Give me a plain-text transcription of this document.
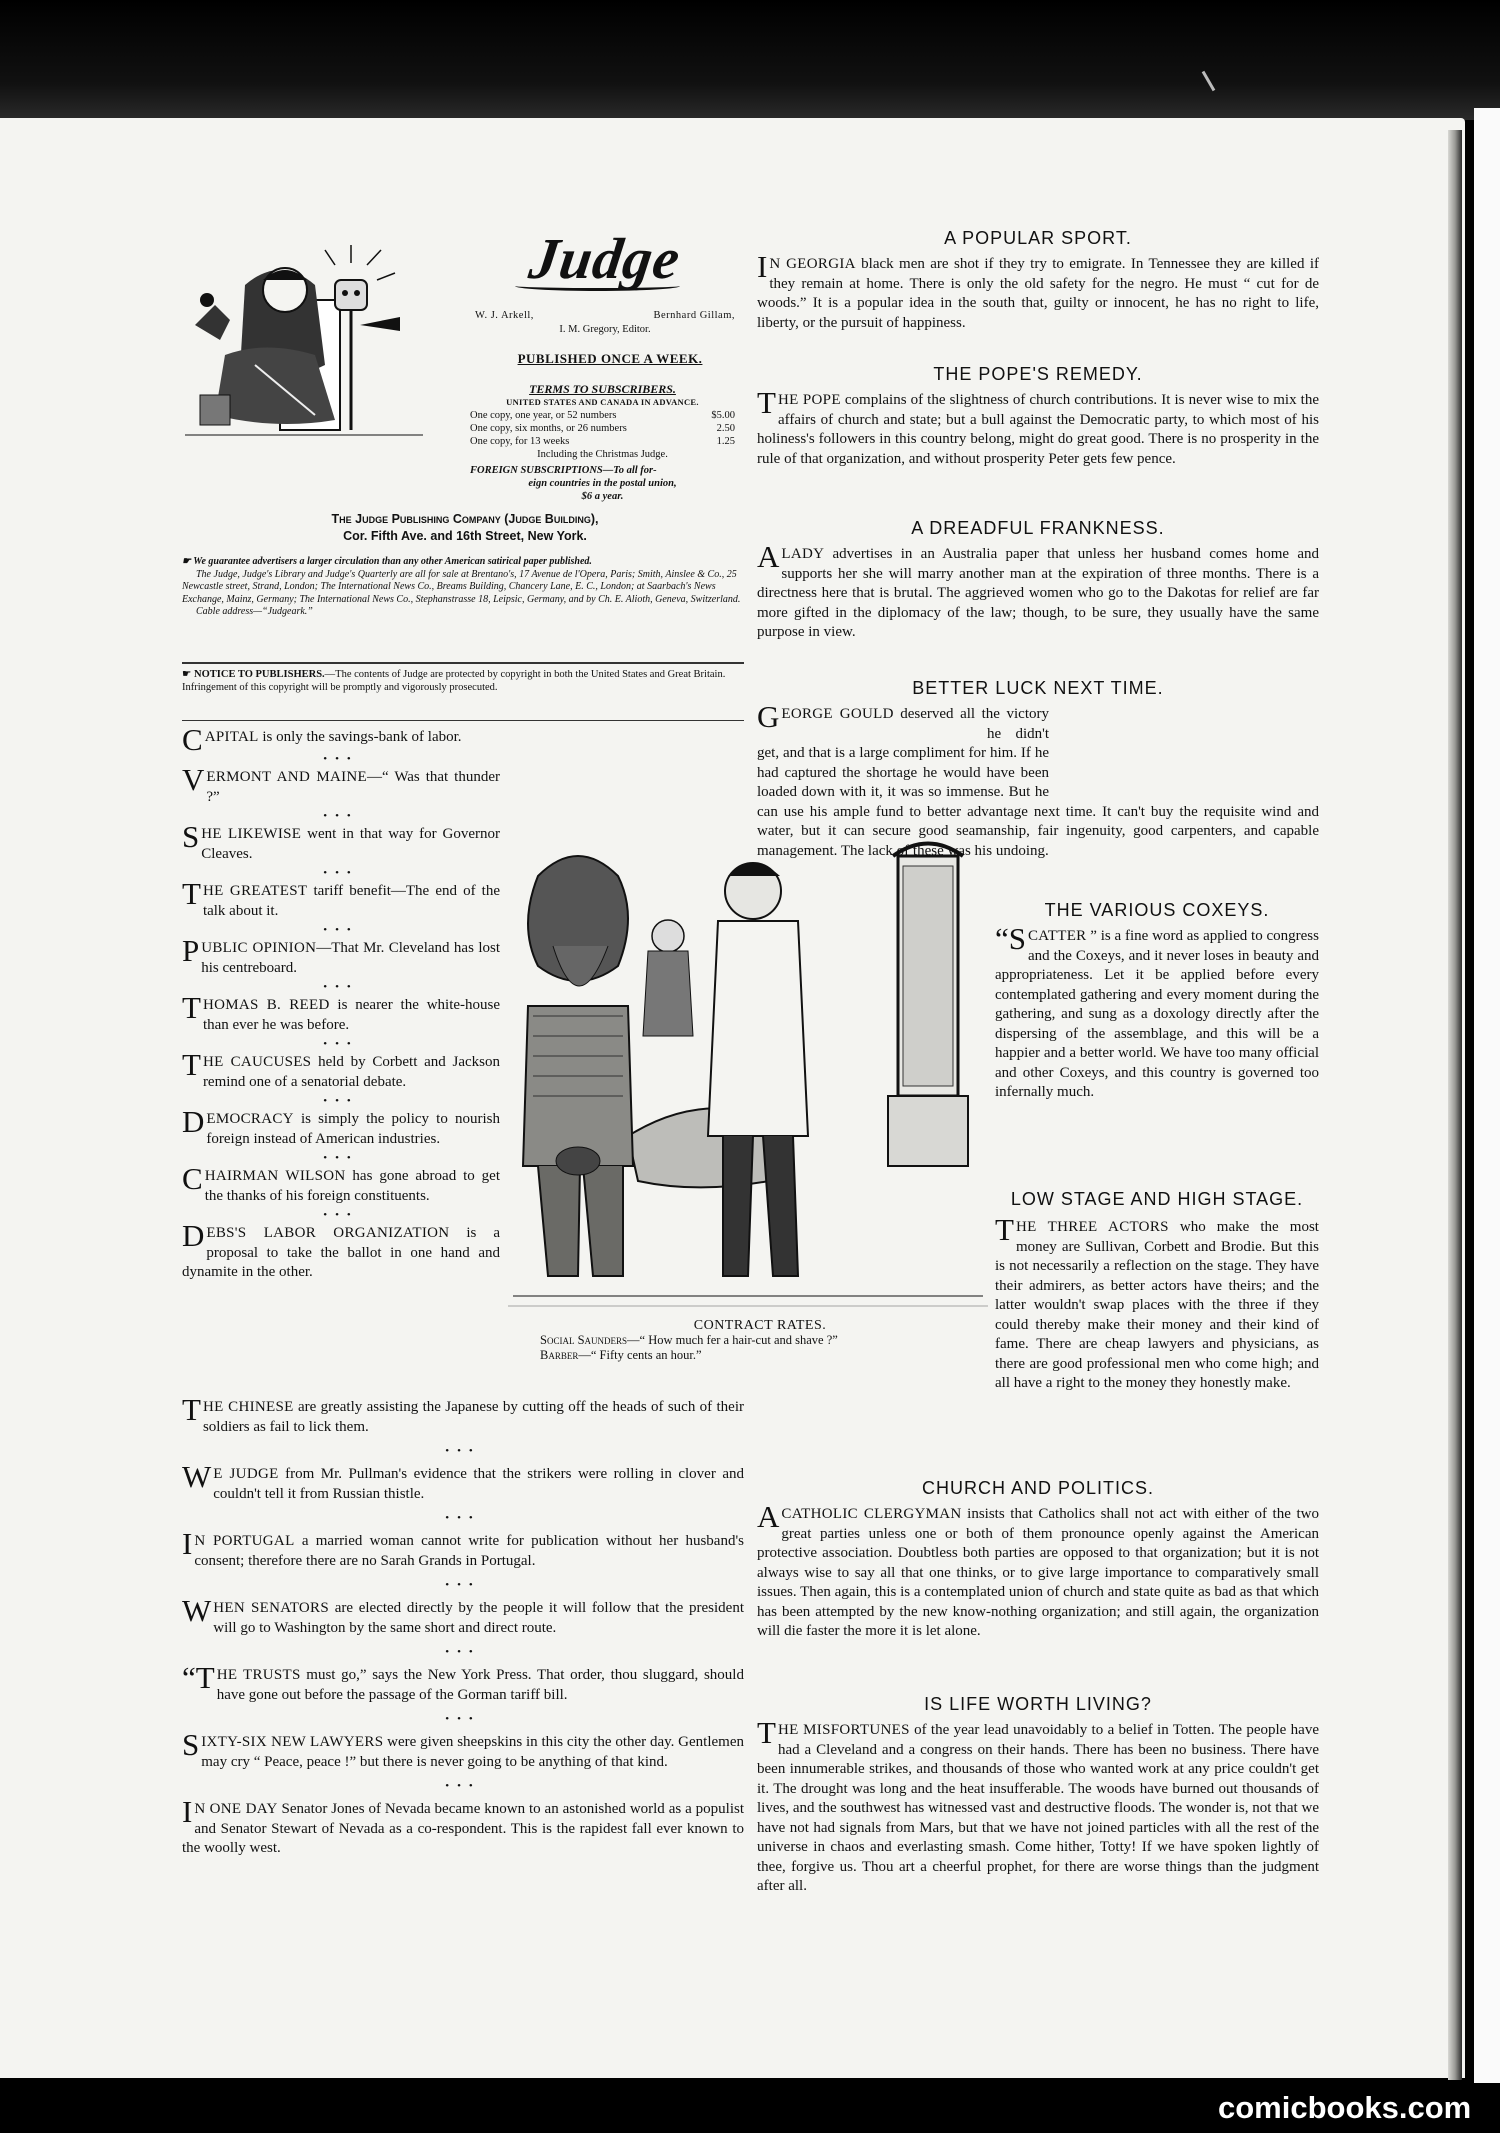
Judge
W. J. Arkell,	Bernhard Gillam,
I. M. Gregory, Editor.
PUBLISHED ONCE A WEEK.
TERMS TO SUBSCRIBERS.
UNITED STATES AND CANADA IN ADVANCE.
One copy, one year, or 52 numbers	$5.00
One copy, six months, or 26 numbers	2.50
One copy, for 13 weeks	1.25
Including the Christmas Judge.
FOREIGN SUBSCRIPTIONS—To all for-
eign countries in the postal union,
$6 a year.
The Judge Publishing Company (Judge Building),
Cor. Fifth Ave. and 16th Street, New York.
☛ We guarantee advertisers a larger circulation than any other American satirical paper published.
The Judge, Judge's Library and Judge's Quarterly are all for sale at Brentano's, 17 Avenue de l'Opera, Paris; Smith, Ainslee & Co., 25 Newcastle street, Strand, London; The International News Co., Breams Building, Chancery Lane, E. C., London; at Saarbach's News Exchange, Mainz, Germany; The International News Co., Stephanstrasse 18, Leipsic, Germany, and by Ch. E. Alioth, Geneva, Switzerland.
Cable address—“Judgeark.”
☛ NOTICE TO PUBLISHERS.—The contents of Judge are protected by copyright in both the United States and Great Britain. Infringement of this copyright will be promptly and vigorously prosecuted.
CAPITAL is only the savings-bank of labor.
•••
VERMONT AND MAINE—“ Was that thunder ?”
•••
SHE LIKEWISE went in that way for Governor Cleaves.
•••
THE GREATEST tariff benefit—The end of the talk about it.
•••
PUBLIC OPINION—That Mr. Cleveland has lost his centreboard.
•••
THOMAS B. REED is nearer the white-house than ever he was before.
•••
THE CAUCUSES held by Corbett and Jackson remind one of a senatorial debate.
•••
DEMOCRACY is simply the policy to nourish foreign instead of American industries.
•••
CHAIRMAN WILSON has gone abroad to get the thanks of his foreign constituents.
•••
DEBS'S LABOR ORGANIZATION is a proposal to take the ballot in one hand and dynamite in the other.
CONTRACT RATES.
Social Saunders—“ How much fer a hair-cut and shave ?”
Barber—“ Fifty cents an hour.”
THE CHINESE are greatly assisting the Japanese by cutting off the heads of such of their soldiers as fail to lick them.
•••
W E JUDGE from Mr. Pullman's evidence that the strikers were rolling in clover and couldn't tell it from Russian thistle.
•••
I N PORTUGAL a married woman cannot write for publication without her husband's consent; therefore there are no Sarah Grands in Portugal.
•••
WHEN SENATORS are elected directly by the people it will follow that the president will go to Washington by the same short and direct route.
•••
“THE TRUSTS must go,” says the New York Press. That order, thou sluggard, should have gone out before the passage of the Gorman tariff bill.
•••
SIXTY-SIX NEW LAWYERS were given sheepskins in this city the other day. Gentlemen may cry “ Peace, peace !” but there is never going to be anything of that kind.
•••
I N ONE DAY Senator Jones of Nevada became known to an astonished world as a populist and Senator Stewart of Nevada as a co-respondent. This is the rapidest fall ever known to the woolly west.
A POPULAR SPORT.
I N GEORGIA black men are shot if they try to emigrate. In Tennessee they are killed if they remain at home. There is only the old safety for the negro. He must “ cut for de woods.” It is a popular idea in the south that, guilty or innocent, he has no right to life, liberty, or the pursuit of happiness.
THE POPE'S REMEDY.
THE POPE complains of the slightness of church contributions. It is never wise to mix the affairs of church and state; but a bull against the Democratic party, to which most of his holiness's followers in this country belong, might do great good. There is no prosperity in the rule of that organization, and without prosperity Peter gets few pence.
A DREADFUL FRANKNESS.
A LADY advertises in an Australia paper that unless her husband comes home and supports her she will marry another man at the expiration of three months. There is a directness here that is brutal. The aggrieved women who go to the Dakotas for relief are far more gifted in the diplomacy of the law; though, to be sure, they usually have the same purpose in view.
BETTER LUCK NEXT TIME.
G EORGE GOULD deserved all the victory he didn't get, and that is a large compliment for him. If he had captured the shortage he would have been loaded down with it, it was so immense. But he can use his ample fund to better advantage next time. It can't buy the requisite wind and water, but it can secure good seamanship, fair ingenuity, good carpenters, and capable management. The lack of these was his undoing.
THE VARIOUS COXEYS.
“SCATTER ” is a fine word as applied to congress and the Coxeys, and it never loses in beauty and appropriateness. Let it be applied before every contemplated gathering and every moment during the gathering, and sung as a doxology directly after the dispersing of the assemblage, and this will be a happier and a better world. We have too many official and other Coxeys, and this country is governed too infernally much.
LOW STAGE AND HIGH STAGE.
THE THREE ACTORS who make the most money are Sullivan, Corbett and Brodie. But this is not necessarily a reflection on the stage. They have their admirers, as better actors have theirs; and the latter wouldn't swap places with the three if they could thereby make their money and their kind of fame. There are cheap lawyers and physicians, as there are good professional men who come high; and all have a right to the money they honestly make.
CHURCH AND POLITICS.
A CATHOLIC CLERGYMAN insists that Catholics shall not act with either of the two great parties unless one or both of them pronounce openly against the American protective association. Doubtless both parties are opposed to that organization; but it is not always wise to say all that one thinks, or to give large importance to comparatively small issues. Then again, this is a contemplated union of church and state quite as bad as that which has been attempted by the new know-nothing organization; and still again, the organization will die faster the more it is let alone.
IS LIFE WORTH LIVING?
THE MISFORTUNES of the year lead unavoidably to a belief in Totten. The people have had a Cleveland and a congress on their hands. There has been no business. There have been innumerable strikes, and thousands of those who wanted work at any price couldn't get it. The drought was long and the heat insufferable. The woods have burned out thousands of lives, and the southwest has witnessed vast and destructive floods. The wonder is, not that we have not had signals from Mars, but that we have not joined particles with all the rest of the universe in chaos and everlasting smash. Come hither, Totty! If we have spoken lightly of thee, forgive us. Thou art a cheerful prophet, for there are worse things than the judgment after all.
comicbooks.com
